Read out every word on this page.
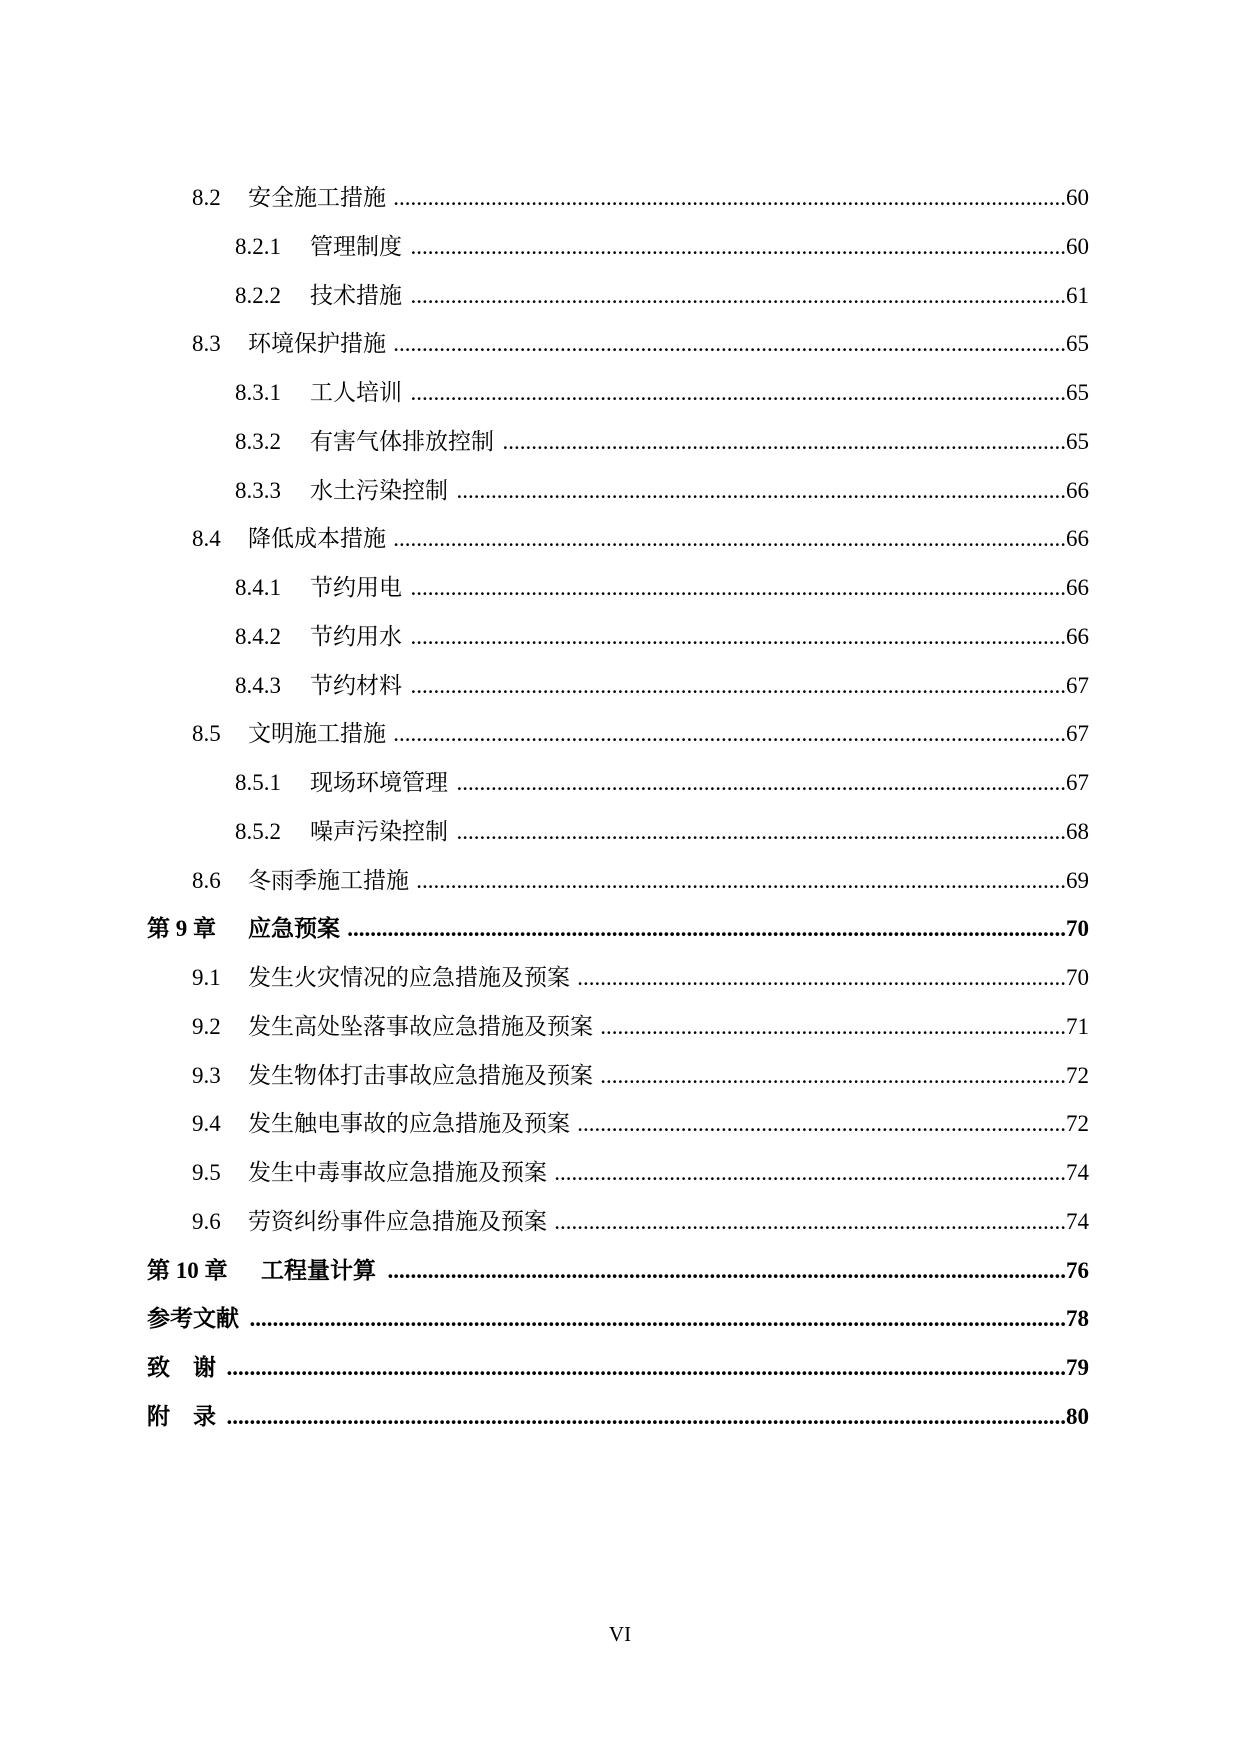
8.2	安全施工措施 ..................................................................................................................... 60
8.2.1	管理制度 .................................................................................................................. 60
8.2.2	技术措施 .................................................................................................................. 61
8.3	环境保护措施 ..................................................................................................................... 65
8.3.1	工人培训 .................................................................................................................. 65
8.3.2	有害气体排放控制 .................................................................................................. 65
8.3.3	水土污染控制 .......................................................................................................... 66
8.4	降低成本措施 ..................................................................................................................... 66
8.4.1	节约用电 .................................................................................................................. 66
8.4.2	节约用水 .................................................................................................................. 66
8.4.3	节约材料 .................................................................................................................. 67
8.5	文明施工措施 ..................................................................................................................... 67
8.5.1	现场环境管理 .......................................................................................................... 67
8.5.2	噪声污染控制 .......................................................................................................... 68
8.6	冬雨季施工措施 ................................................................................................................. 69
第 9 章	应急预案 ............................................................................................................................. 70
9.1	发生火灾情况的应急措施及预案 ..................................................................................... 70
9.2	发生高处坠落事故应急措施及预案 ................................................................................. 71
9.3	发生物体打击事故应急措施及预案 ................................................................................. 72
9.4	发生触电事故的应急措施及预案 ..................................................................................... 72
9.5	发生中毒事故应急措施及预案 ......................................................................................... 74
9.6	劳资纠纷事件应急措施及预案 ......................................................................................... 74
第 10 章	工程量计算 ...................................................................................................................... 76
参考文献 .............................................................................................................................................. 78
致　谢 .................................................................................................................................................. 79
附　录 .................................................................................................................................................. 80
VI
